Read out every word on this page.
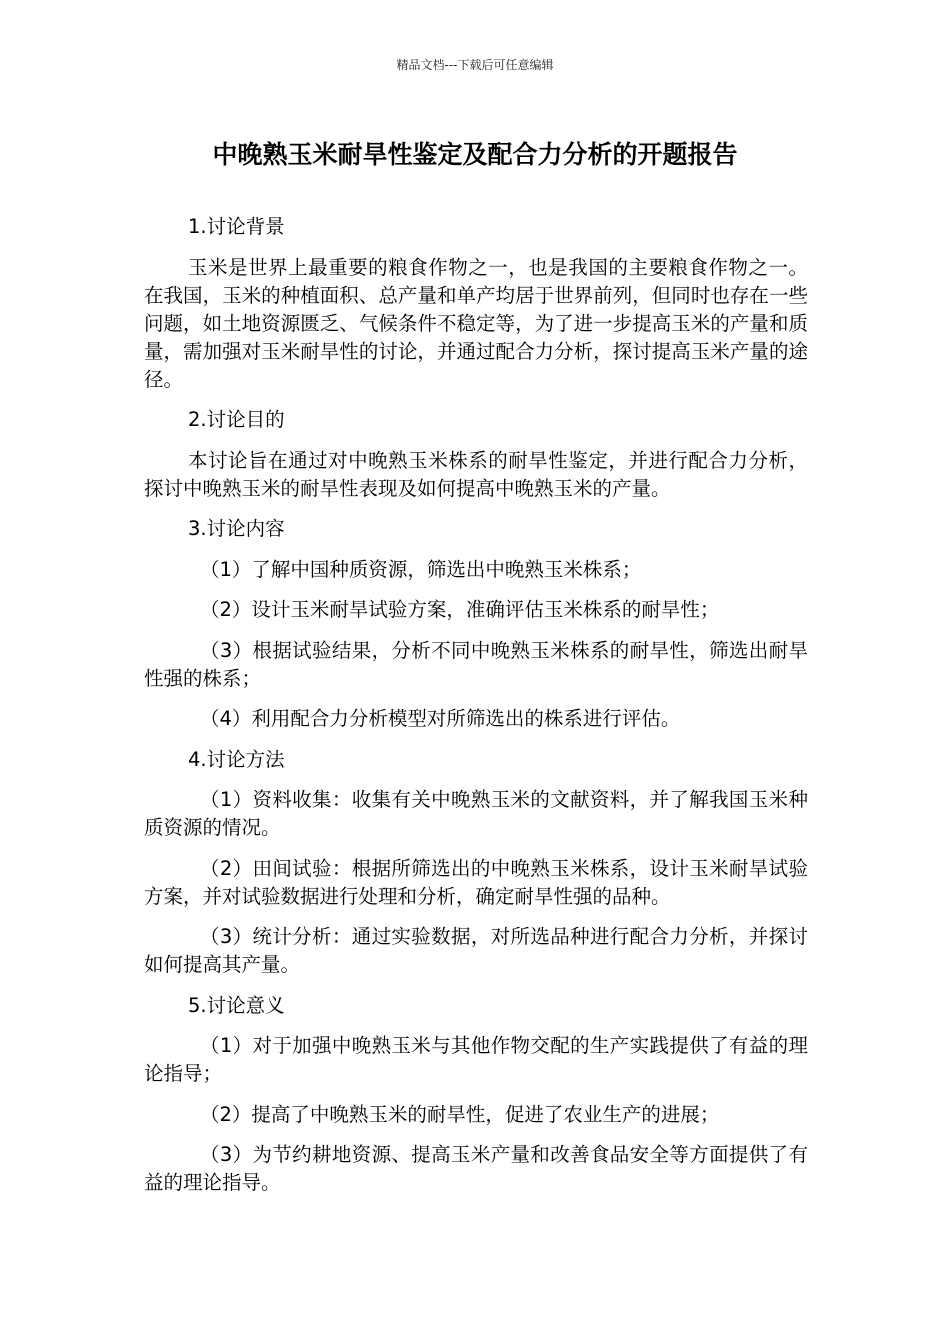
精品文档---下载后可任意编辑
中晚熟玉米耐旱性鉴定及配合力分析的开题报告
1.讨论背景
玉米是世界上最重要的粮食作物之一，也是我国的主要粮食作物之一。在我国，玉米的种植面积、总产量和单产均居于世界前列，但同时也存在一些问题，如土地资源匮乏、气候条件不稳定等，为了进一步提高玉米的产量和质量，需加强对玉米耐旱性的讨论，并通过配合力分析，探讨提高玉米产量的途径。
2.讨论目的
本讨论旨在通过对中晚熟玉米株系的耐旱性鉴定，并进行配合力分析，探讨中晚熟玉米的耐旱性表现及如何提高中晚熟玉米的产量。
3.讨论内容
（1）了解中国种质资源，筛选出中晚熟玉米株系；
（2）设计玉米耐旱试验方案，准确评估玉米株系的耐旱性；
（3）根据试验结果，分析不同中晚熟玉米株系的耐旱性，筛选出耐旱性强的株系；
（4）利用配合力分析模型对所筛选出的株系进行评估。
4.讨论方法
（1）资料收集：收集有关中晚熟玉米的文献资料，并了解我国玉米种质资源的情况。
（2）田间试验：根据所筛选出的中晚熟玉米株系，设计玉米耐旱试验方案，并对试验数据进行处理和分析，确定耐旱性强的品种。
（3）统计分析：通过实验数据，对所选品种进行配合力分析，并探讨如何提高其产量。
5.讨论意义
（1）对于加强中晚熟玉米与其他作物交配的生产实践提供了有益的理论指导；
（2）提高了中晚熟玉米的耐旱性，促进了农业生产的进展；
（3）为节约耕地资源、提高玉米产量和改善食品安全等方面提供了有益的理论指导。
